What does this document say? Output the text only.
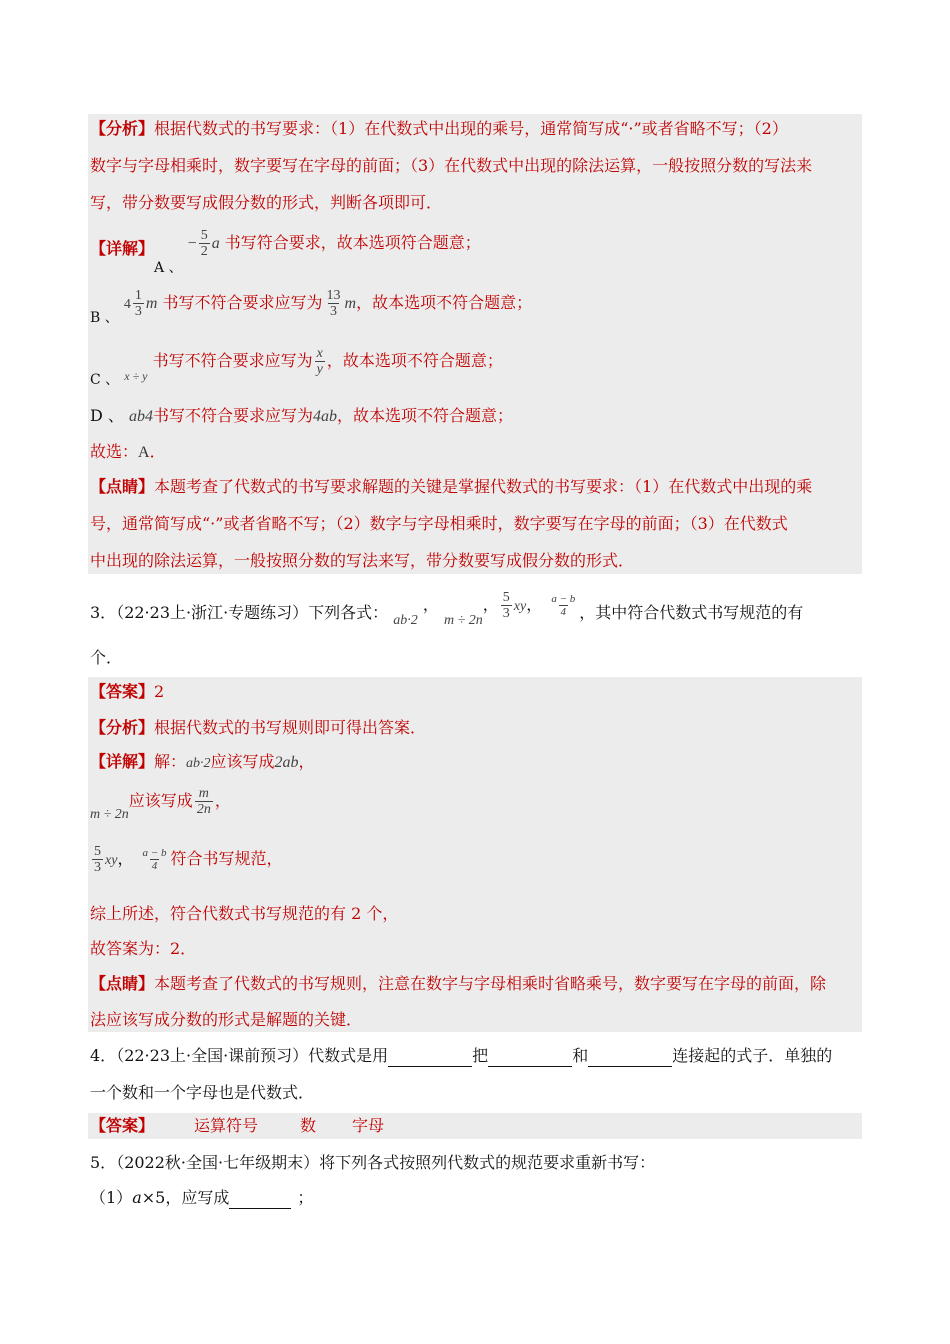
【分析】根据代数式的书写要求：（1）在代数式中出现的乘号，通常简写成“·”或者省略不写；（2）
数字与字母相乘时，数字要写在字母的前面；（3）在代数式中出现的除法运算，一般按照分数的写法来
写，带分数要写成假分数的形式，判断各项即可．
【详解】A 、 − $\frac{5}{2}$ a 书写符合要求，故本选项符合题意；
B 、 $4 \frac{1}{3}$ m 书写不符合要求应写为 $\frac{13}{3}$ m，故本选项不符合题意；
C 、 $_{x \div y}$ 书写不符合要求应写为 $\frac{x}{y}$ ，故本选项不符合题意；
D 、 ab4书写不符合要求应写为4ab，故本选项不符合题意；
故选：A．
【点睛】本题考查了代数式的书写要求解题的关键是掌握代数式的书写要求：（1）在代数式中出现的乘
号，通常简写成“·”或者省略不写；（2）数字与字母相乘时，数字要写在字母的前面；（3）在代数式
中出现的除法运算，一般按照分数的写法来写，带分数要写成假分数的形式．
3．（22·23上·浙江·专题练习）下列各式： ab·2 ， m ÷ 2n， $\frac{5}{3}$ xy， $\frac{a - b}{4}$ ，其中符合代数式书写规范的有
个．
【答案】2
【分析】根据代数式的书写规则即可得出答案．
【详解】解：ab·2应该写成2ab，
m ÷ 2n应该写成 $\frac{m}{2n}$ ，
$\frac{5}{3}$ xy， $\frac{a - b}{4}$ 符合书写规范，
综上所述，符合代数式书写规范的有 2 个，
故答案为：2．
【点睛】本题考查了代数式的书写规则，注意在数字与字母相乘时省略乘号，数字要写在字母的前面，除
法应该写成分数的形式是解题的关键．
4．（22·23上·全国·课前预习）代数式是用	把	和	连接起的式子．单独的
一个数和一个字母也是代数式．
【答案】	运算符号	数 字母
5．（2022秋·全国·七年级期末）将下列各式按照列代数式的规范要求重新书写：
（1）a×5，应写成	；
